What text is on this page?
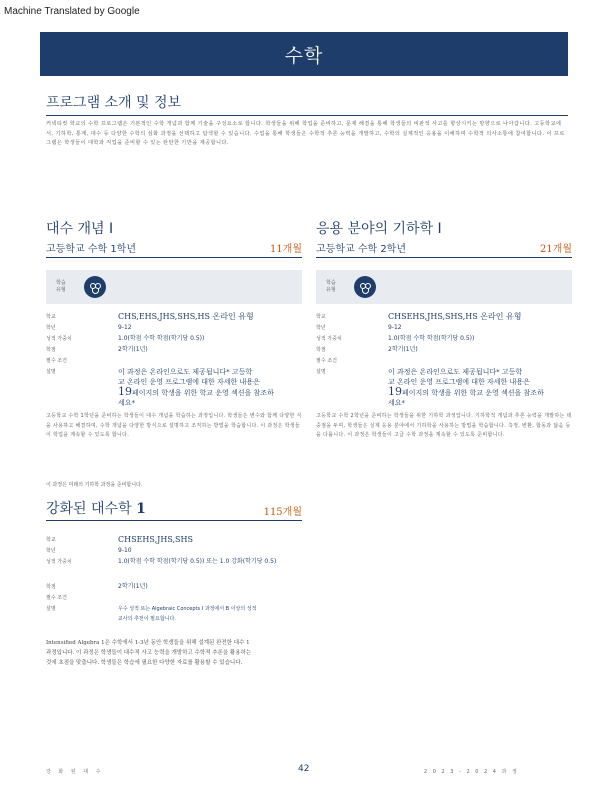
Machine Translated by Google
수학
프로그램 소개 및 정보
커넥티컷 학교의 수학 프로그램은 기본적인 수학 개념과 함께 기술을 구성요소로 합니다. 학생들을 위해 학업을 준비하고, 문제 해결을 통해 학생들의 비판적 사고를 향상시키는 방향으로 나아갑니다. 고등학교에서, 기하학, 통계, 대수 등 다양한 수학의 심화 과정을 선택하고 탐색할 수 있습니다. 수업을 통해 학생들은 수학적 추론 능력을 개발하고, 수학의 실제적인 응용을 이해하며 수학적 의사소통에 참여합니다. 이 프로그램은 학생들이 대학과 직업을 준비할 수 있는 탄탄한 기반을 제공합니다.
대수 개념 I
고등학교 수학 1학년	11개월
학습
유형
학교	CHS,EHS,JHS,SHS,HS 온라인 유형
학년	9-12
성적 가중치	1.0(학점 수학 학점(학기당 0.5))
학점	2학기(1년)
필수 조건
설명	이 과정은 온라인으로도 제공됩니다* 고등학
교 온라인 운영 프로그램에 대한 자세한 내용은
19페이지의 학생을 위한 학교 운영 섹션을 참조하
세요*
고등학교 수학 1학년을 준비하는 학생들이 대수 개념을 학습하는 과정입니다. 학생들은 변수와 함께 다양한 식을 사용하고 해결하며, 수학 개념을 다양한 방식으로 설명하고 조직하는 방법을 학습합니다. 이 과정은 학생들이 학업을 계속할 수 있도록 합니다.
응용 분야의 기하학 I
고등학교 수학 2학년	21개월
학습
유형
학교	CHSEHS,JHS,SHS,HS 온라인 유형
학년	9-12
성적 가중치	1.0(학점 수학 학점(학기당 0.5))
학점	2학기(1년)
필수 조건
설명	이 과정은 온라인으로도 제공됩니다* 고등학
교 온라인 운영 프로그램에 대한 자세한 내용은
19페이지의 학생을 위한 학교 운영 섹션을 참조하
세요*
고등학교 수학 2학년을 준비하는 학생들을 위한 기하학 과정입니다. 기하학적 개념과 추론 능력을 개발하는 데 중점을 두며, 학생들은 실제 응용 분야에서 기하학을 사용하는 방법을 학습합니다. 측정, 변환, 합동과 닮음 등을 다룹니다. 이 과정은 학생들이 고급 수학 과정을 계속할 수 있도록 준비합니다.
이 과정은 미래의 기하학 과정을 준비합니다.
강화된 대수학 1	115개월
학교	CHSEHS,JHS,SHS
학년	9-10
성적 가중치	1.0(학점 수학 학점(학기당 0.5)) 또는 1.0 강화(학기당 0.5)
학점	2학기(1년)
필수 조건
설명	우수 성적 또는 Algebraic Concepts I 과정에서 B 이상의 성적
교사의 추천이 필요합니다.
Intensified Algebra 1은 수학에서 1-3년 동안 학생들을 위해 설계된 완전한 대수 1 과정입니다. 이 과정은 학생들이 대수적 사고 능력을 개발하고 수학적 추론을 활용하는 것에 초점을 맞춥니다. 학생들은 학습에 필요한 다양한 자료를 활용할 수 있습니다.
강 화 된 대 수	42	2 0 2 3 - 2 0 2 4 과 정
